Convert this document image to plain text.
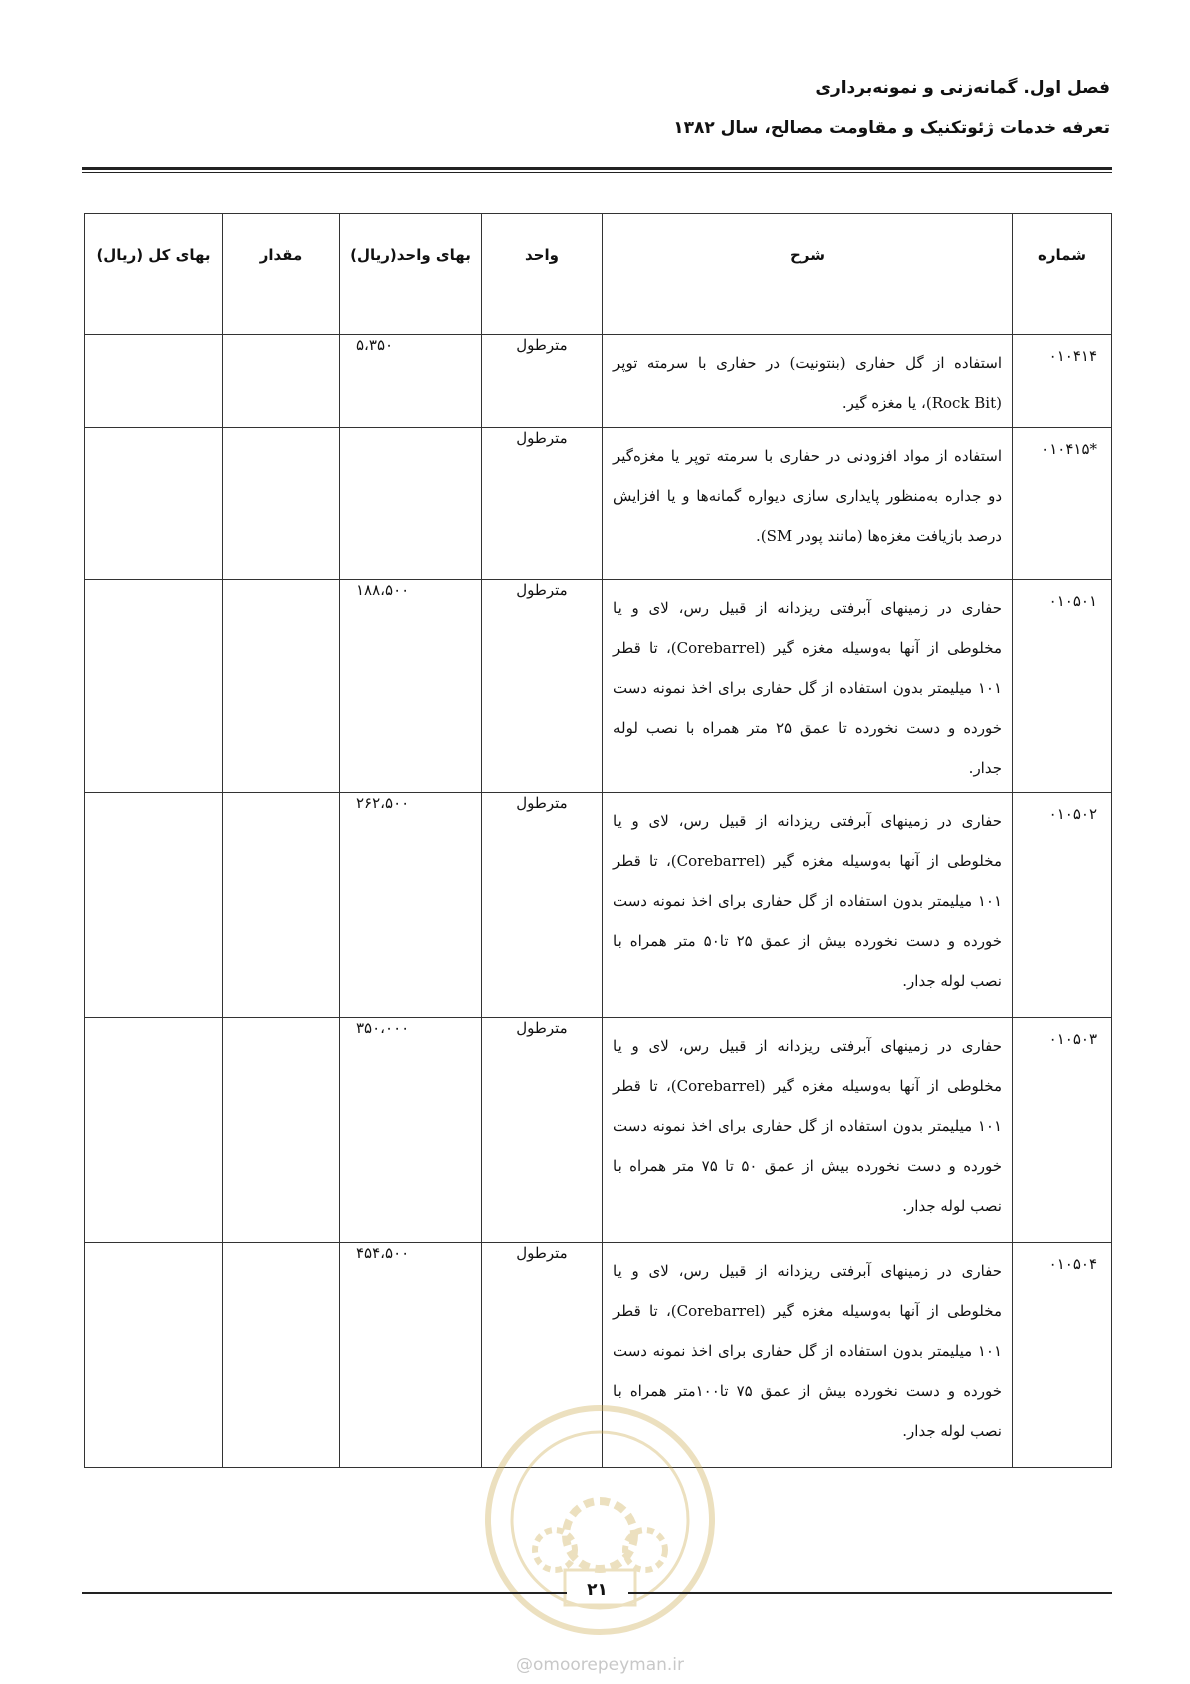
فصل اول. گمانه‌زنی و نمونه‌برداری
تعرفه خدمات ژئوتکنیک و مقاومت مصالح، سال ۱۳۸۲
شماره	شرح	واحد	بهای واحد(ریال)	مقدار	بهای کل (ریال)
۰۱۰۴۱۴	استفاده از گل حفاری (بنتونیت) در حفاری با سرمته توپر (Rock Bit)، یا مغزه گیر.	مترطول	۵،۳۵۰		
*۰۱۰۴۱۵	استفاده از مواد افزودنی در حفاری با سرمته توپر یا مغزه‌گیر دو جداره به‌منظور پایداری سازی دیواره گمانه‌ها و یا افزایش درصد بازیافت مغزه‌ها (مانند پودر SM).	مترطول			
۰۱۰۵۰۱	حفاری در زمینهای آبرفتی ریزدانه از قبیل رس، لای و یا مخلوطی از آنها به‌وسیله مغزه گیر (Corebarrel)، تا قطر ۱۰۱ میلیمتر بدون استفاده از گل حفاری برای اخذ نمونه دست خورده و دست نخورده تا عمق ۲۵ متر همراه با نصب لوله جدار.	مترطول	۱۸۸،۵۰۰		
۰۱۰۵۰۲	حفاری در زمینهای آبرفتی ریزدانه از قبیل رس، لای و یا مخلوطی از آنها به‌وسیله مغزه گیر (Corebarrel)، تا قطر ۱۰۱ میلیمتر بدون استفاده از گل حفاری برای اخذ نمونه دست خورده و دست نخورده بیش از عمق ۲۵ تا۵۰ متر همراه با نصب لوله جدار.	مترطول	۲۶۲،۵۰۰		
۰۱۰۵۰۳	حفاری در زمینهای آبرفتی ریزدانه از قبیل رس، لای و یا مخلوطی از آنها به‌وسیله مغزه گیر (Corebarrel)، تا قطر ۱۰۱ میلیمتر بدون استفاده از گل حفاری برای اخذ نمونه دست خورده و دست نخورده بیش از عمق ۵۰ تا ۷۵ متر همراه با نصب لوله جدار.	مترطول	۳۵۰،۰۰۰		
۰۱۰۵۰۴	حفاری در زمینهای آبرفتی ریزدانه از قبیل رس، لای و یا مخلوطی از آنها به‌وسیله مغزه گیر (Corebarrel)، تا قطر ۱۰۱ میلیمتر بدون استفاده از گل حفاری برای اخذ نمونه دست خورده و دست نخورده بیش از عمق ۷۵ تا۱۰۰متر همراه با نصب لوله جدار.	مترطول	۴۵۴،۵۰۰		
۲۱
@omoorepeyman.ir
